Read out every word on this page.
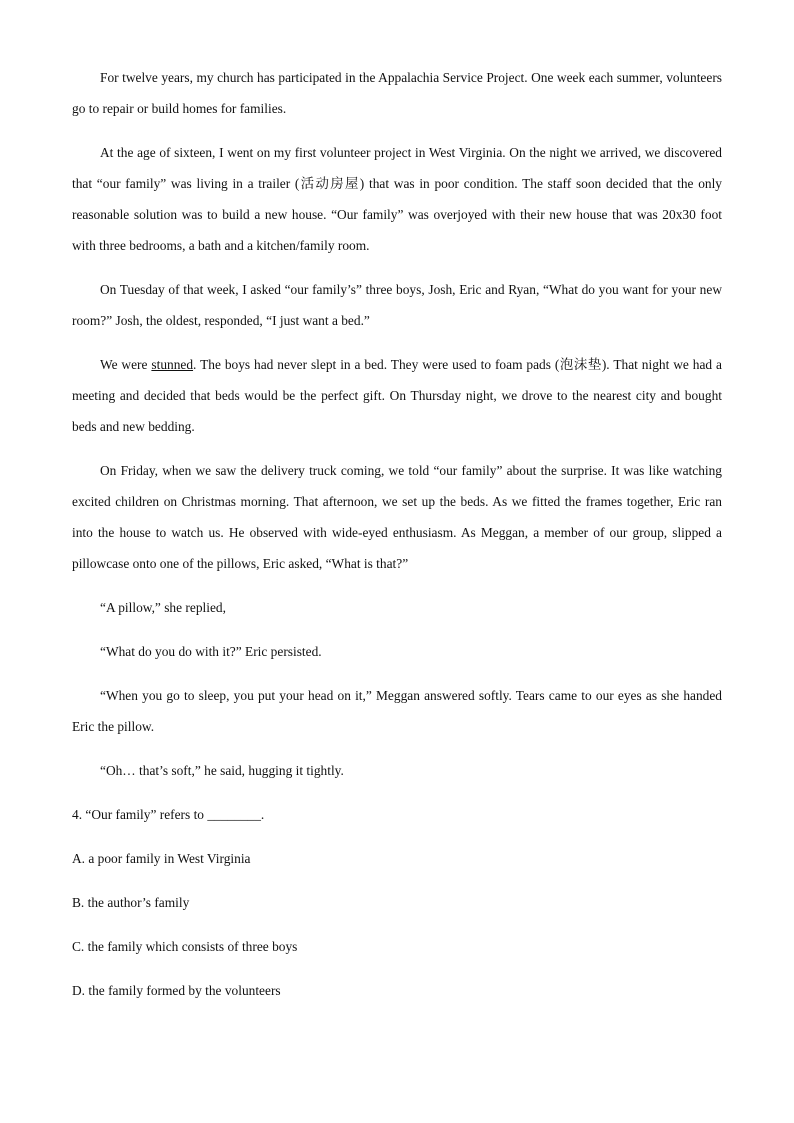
For twelve years, my church has participated in the Appalachia Service Project. One week each summer, volunteers go to repair or build homes for families.

At the age of sixteen, I went on my first volunteer project in West Virginia. On the night we arrived, we discovered that “our family” was living in a trailer (活动房屋) that was in poor condition. The staff soon decided that the only reasonable solution was to build a new house. “Our family” was overjoyed with their new house that was 20x30 foot with three bedrooms, a bath and a kitchen/family room.

On Tuesday of that week, I asked “our family’s” three boys, Josh, Eric and Ryan, “What do you want for your new room?” Josh, the oldest, responded, “I just want a bed.”

We were stunned. The boys had never slept in a bed. They were used to foam pads (泡沫垫). That night we had a meeting and decided that beds would be the perfect gift. On Thursday night, we drove to the nearest city and bought beds and new bedding.

On Friday, when we saw the delivery truck coming, we told “our family” about the surprise. It was like watching excited children on Christmas morning. That afternoon, we set up the beds. As we fitted the frames together, Eric ran into the house to watch us. He observed with wide-eyed enthusiasm. As Meggan, a member of our group, slipped a pillowcase onto one of the pillows, Eric asked, “What is that?”

“A pillow,” she replied,

“What do you do with it?” Eric persisted.

“When you go to sleep, you put your head on it,” Meggan answered softly. Tears came to our eyes as she handed Eric the pillow.

“Oh… that’s soft,” he said, hugging it tightly.

4. “Our family” refers to ________.

A. a poor family in West Virginia

B. the author’s family

C. the family which consists of three boys

D. the family formed by the volunteers
